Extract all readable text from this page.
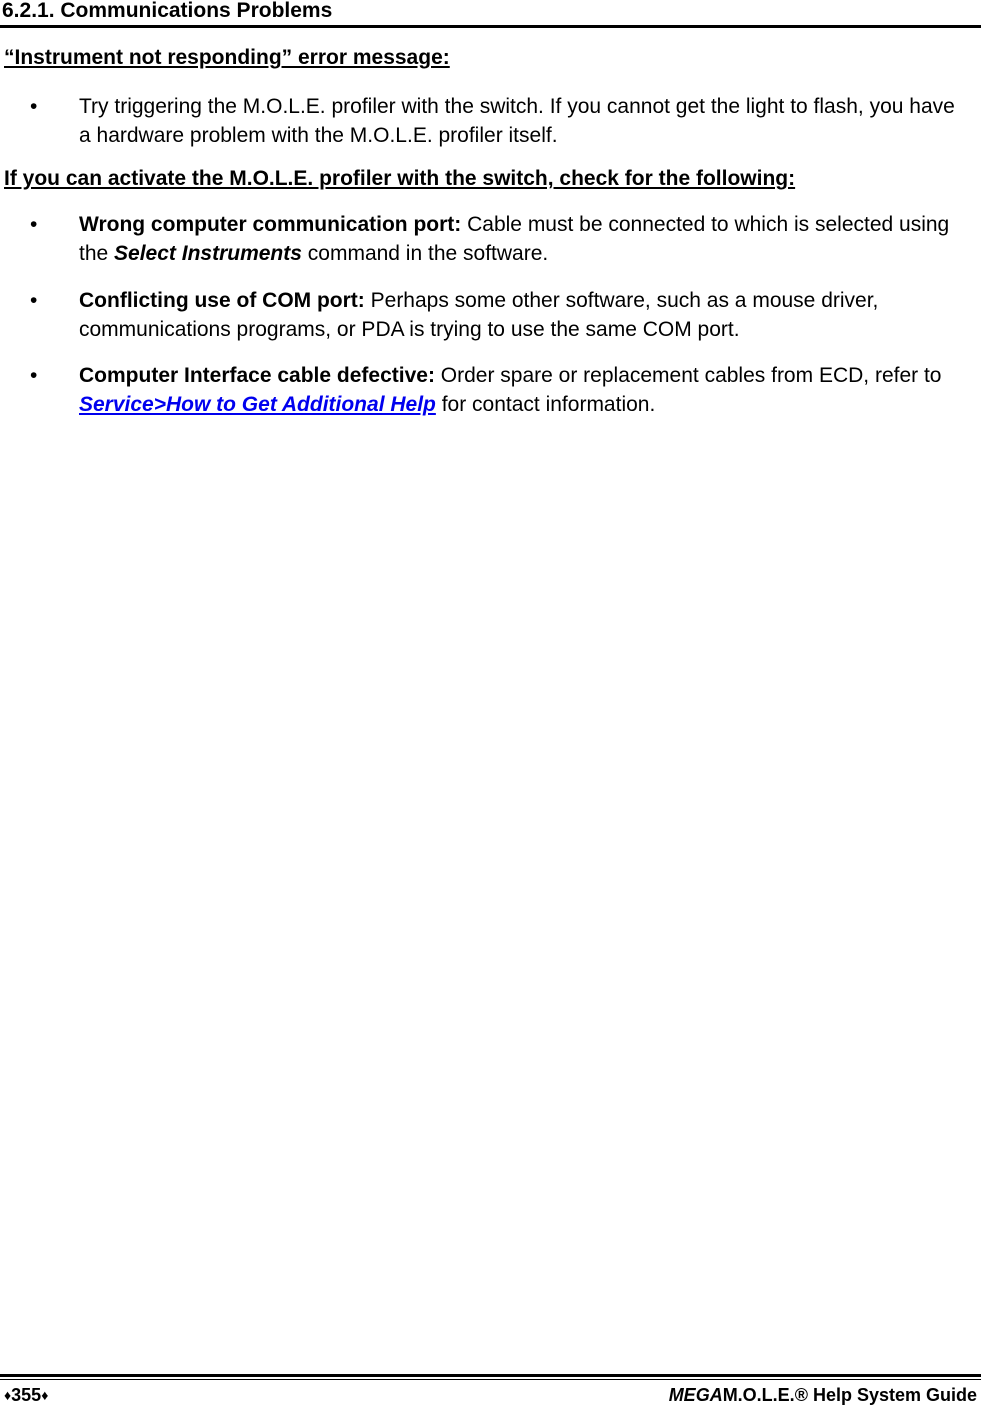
6.2.1. Communications Problems
“Instrument not responding” error message:
•	Try triggering the M.O.L.E. profiler with the switch. If you cannot get the light to flash, you have a hardware problem with the M.O.L.E. profiler itself.
If you can activate the M.O.L.E. profiler with the switch, check for the following:
•	Wrong computer communication port: Cable must be connected to which is selected using the Select Instruments command in the software.
•	Conflicting use of COM port: Perhaps some other software, such as a mouse driver, communications programs, or PDA is trying to use the same COM port.
•	Computer Interface cable defective: Order spare or replacement cables from ECD, refer to Service>How to Get Additional Help for contact information.
♦355♦	MEGAM.O.L.E.® Help System Guide
